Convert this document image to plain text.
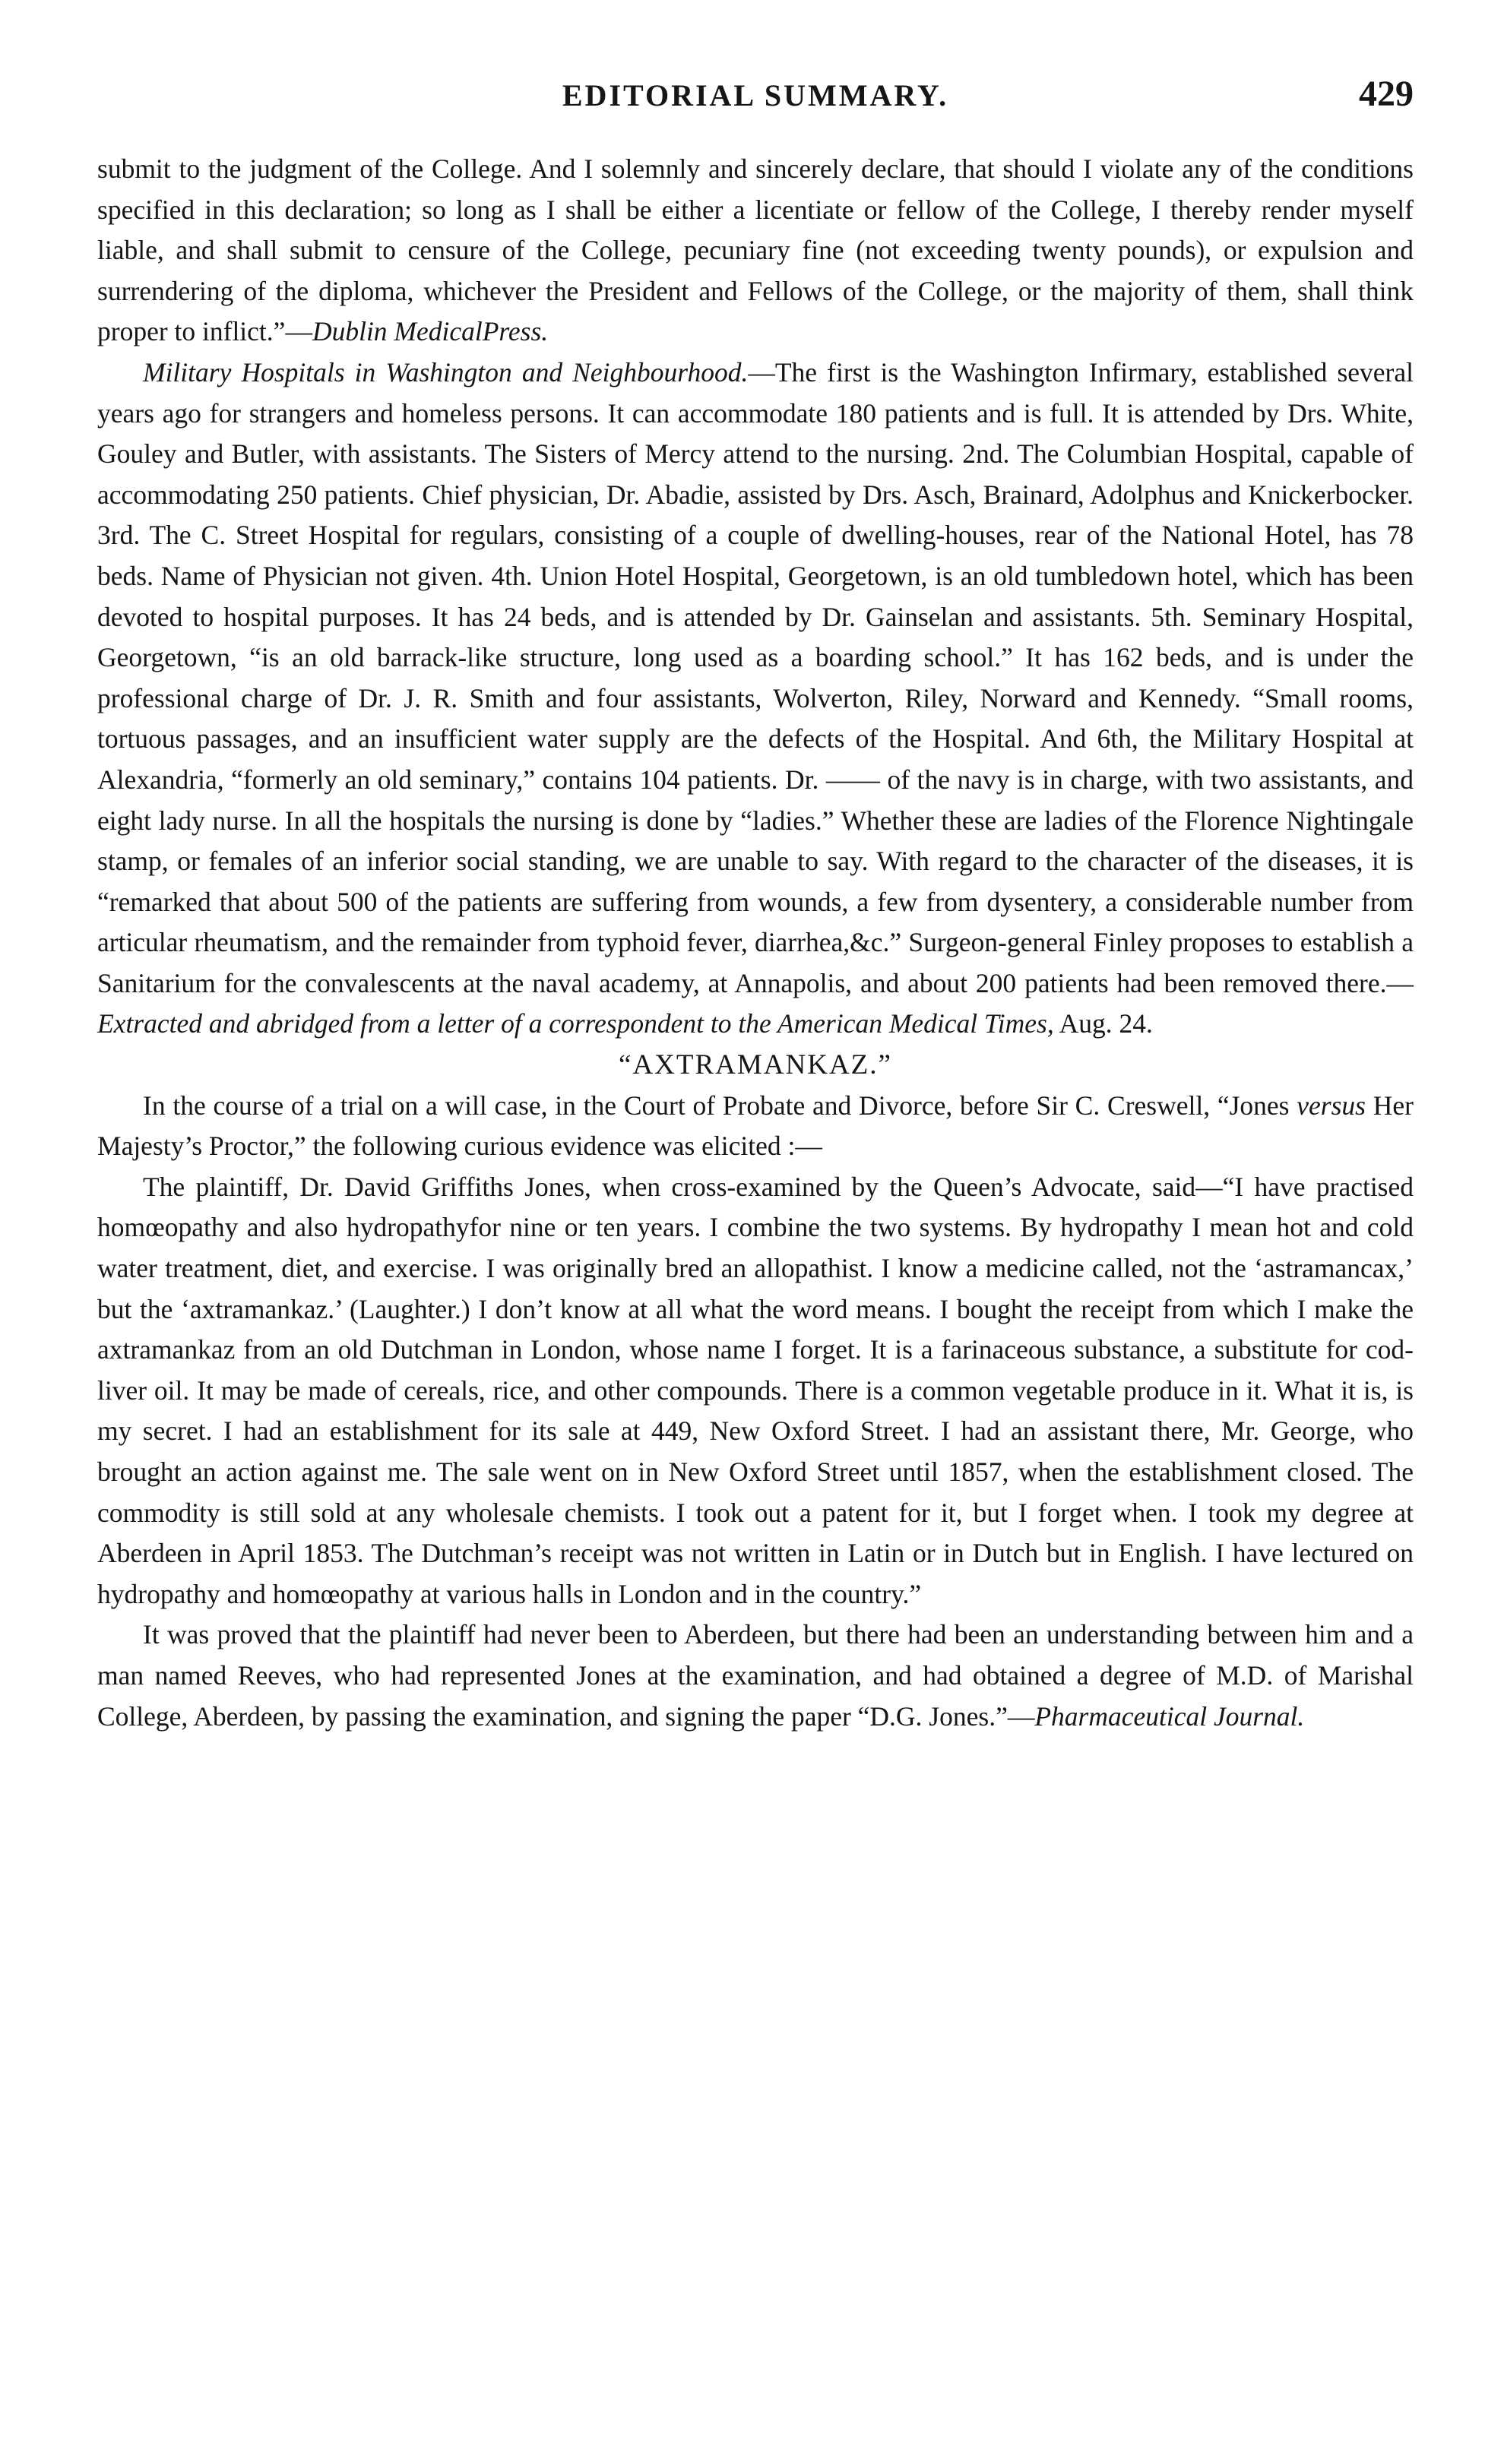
EDITORIAL SUMMARY.	429

submit to the judgment of the College. And I solemnly and sincerely declare, that should I violate any of the conditions specified in this declaration; so long as I shall be either a licentiate or fellow of the College, I thereby render myself liable, and shall submit to censure of the College, pecuniary fine (not exceeding twenty pounds), or expulsion and surrendering of the diploma, whichever the President and Fellows of the College, or the majority of them, shall think proper to inflict.”—Dublin MedicalPress.

Military Hospitals in Washington and Neighbourhood.—The first is the Washington Infirmary, established several years ago for strangers and homeless persons. It can accommodate 180 patients and is full. It is attended by Drs. White, Gouley and Butler, with assistants. The Sisters of Mercy attend to the nursing. 2nd. The Columbian Hospital, capable of accommodating 250 patients. Chief physician, Dr. Abadie, assisted by Drs. Asch, Brainard, Adolphus and Knickerbocker. 3rd. The C. Street Hospital for regulars, consisting of a couple of dwelling-houses, rear of the National Hotel, has 78 beds. Name of Physician not given. 4th. Union Hotel Hospital, Georgetown, is an old tumbledown hotel, which has been devoted to hospital purposes. It has 24 beds, and is attended by Dr. Gainselan and assistants. 5th. Seminary Hospital, Georgetown, “is an old barrack-like structure, long used as a boarding school.” It has 162 beds, and is under the professional charge of Dr. J. R. Smith and four assistants, Wolverton, Riley, Norward and Kennedy. “Small rooms, tortuous passages, and an insufficient water supply are the defects of the Hospital. And 6th, the Military Hospital at Alexandria, “formerly an old seminary,” contains 104 patients. Dr. —— of the navy is in charge, with two assistants, and eight lady nurse. In all the hospitals the nursing is done by “ladies.” Whether these are ladies of the Florence Nightingale stamp, or females of an inferior social standing, we are unable to say. With regard to the character of the diseases, it is “remarked that about 500 of the patients are suffering from wounds, a few from dysentery, a considerable number from articular rheumatism, and the remainder from typhoid fever, diarrhea,&c.” Surgeon-general Finley proposes to establish a Sanitarium for the convalescents at the naval academy, at Annapolis, and about 200 patients had been removed there.—Extracted and abridged from a letter of a correspondent to the American Medical Times, Aug. 24.

“AXTRAMANKAZ.”

In the course of a trial on a will case, in the Court of Probate and Divorce, before Sir C. Creswell, “Jones versus Her Majesty’s Proctor,” the following curious evidence was elicited :—

The plaintiff, Dr. David Griffiths Jones, when cross-examined by the Queen’s Advocate, said—“I have practised homœopathy and also hydropathyfor nine or ten years. I combine the two systems. By hydropathy I mean hot and cold water treatment, diet, and exercise. I was originally bred an allopathist. I know a medicine called, not the ‘astramancax,’ but the ‘axtramankaz.’ (Laughter.) I don’t know at all what the word means. I bought the receipt from which I make the axtramankaz from an old Dutchman in London, whose name I forget. It is a farinaceous substance, a substitute for cod-liver oil. It may be made of cereals, rice, and other compounds. There is a common vegetable produce in it. What it is, is my secret. I had an establishment for its sale at 449, New Oxford Street. I had an assistant there, Mr. George, who brought an action against me. The sale went on in New Oxford Street until 1857, when the establishment closed. The commodity is still sold at any wholesale chemists. I took out a patent for it, but I forget when. I took my degree at Aberdeen in April 1853. The Dutchman’s receipt was not written in Latin or in Dutch but in English. I have lectured on hydropathy and homœopathy at various halls in London and in the country.”

It was proved that the plaintiff had never been to Aberdeen, but there had been an understanding between him and a man named Reeves, who had represented Jones at the examination, and had obtained a degree of M.D. of Marishal College, Aberdeen, by passing the examination, and signing the paper “D.G. Jones.”—Pharmaceutical Journal.
